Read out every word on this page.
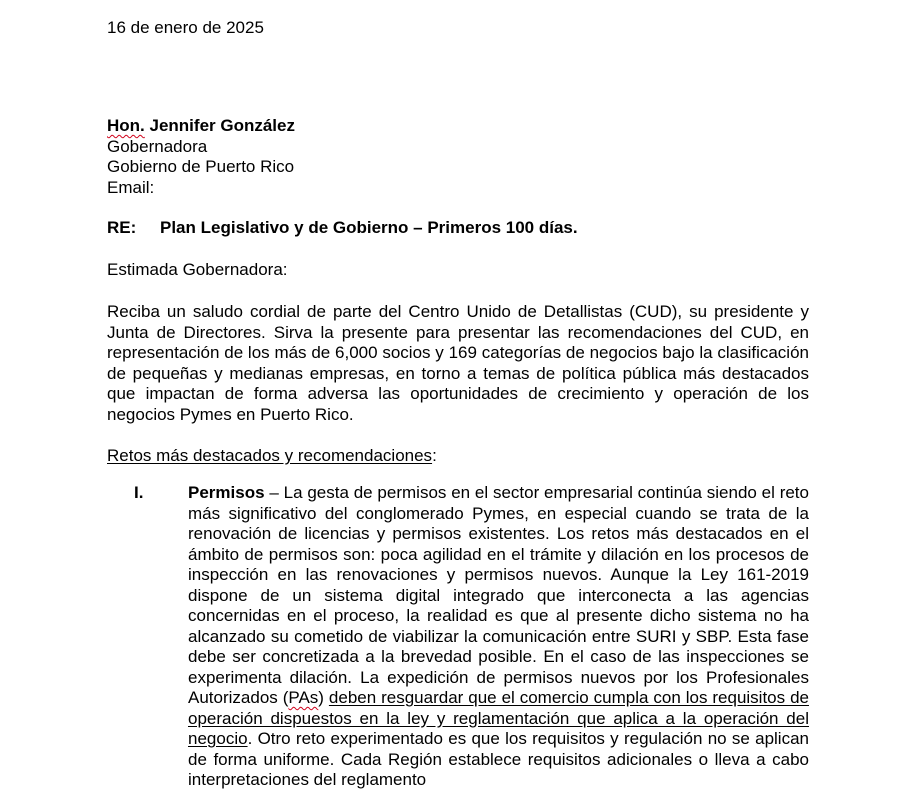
16 de enero de 2025

Hon. Jennifer González
Gobernadora
Gobierno de Puerto Rico
Email:

RE: Plan Legislativo y de Gobierno – Primeros 100 días.

Estimada Gobernadora:

Reciba un saludo cordial de parte del Centro Unido de Detallistas (CUD), su presidente y Junta de Directores. Sirva la presente para presentar las recomendaciones del CUD, en representación de los más de 6,000 socios y 169 categorías de negocios bajo la clasificación de pequeñas y medianas empresas, en torno a temas de política pública más destacados que impactan de forma adversa las oportunidades de crecimiento y operación de los negocios Pymes en Puerto Rico.

Retos más destacados y recomendaciones:

I.	Permisos – La gesta de permisos en el sector empresarial continúa siendo el reto más significativo del conglomerado Pymes, en especial cuando se trata de la renovación de licencias y permisos existentes. Los retos más destacados en el ámbito de permisos son: poca agilidad en el trámite y dilación en los procesos de inspección en las renovaciones y permisos nuevos. Aunque la Ley 161-2019 dispone de un sistema digital integrado que interconecta a las agencias concernidas en el proceso, la realidad es que al presente dicho sistema no ha alcanzado su cometido de viabilizar la comunicación entre SURI y SBP. Esta fase debe ser concretizada a la brevedad posible. En el caso de las inspecciones se experimenta dilación. La expedición de permisos nuevos por los Profesionales Autorizados (PAs) deben resguardar que el comercio cumpla con los requisitos de operación dispuestos en la ley y reglamentación que aplica a la operación del negocio. Otro reto experimentado es que los requisitos y regulación no se aplican de forma uniforme. Cada Región establece requisitos adicionales o lleva a cabo interpretaciones del reglamento
